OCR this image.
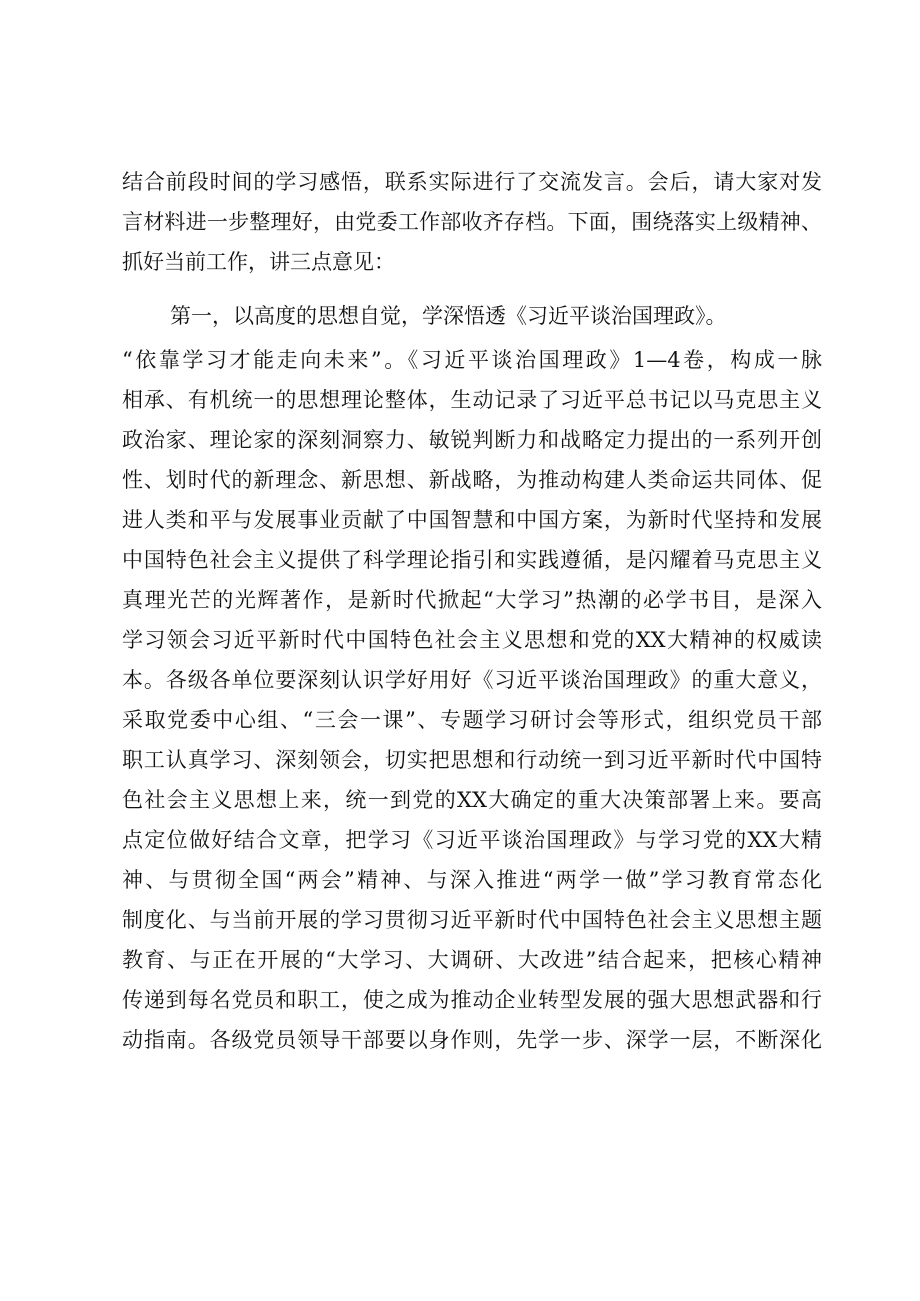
结合前段时间的学习感悟，联系实际进行了交流发言。会后，请大家对发
言材料进一步整理好，由党委工作部收齐存档。下面，围绕落实上级精神、
抓好当前工作，讲三点意见：
第一，以高度的思想自觉，学深悟透《习近平谈治国理政》。
“依靠学习才能走向未来”。《习近平谈治国理政》1—4卷，构成一脉
相承、有机统一的思想理论整体，生动记录了习近平总书记以马克思主义
政治家、理论家的深刻洞察力、敏锐判断力和战略定力提出的一系列开创
性、划时代的新理念、新思想、新战略，为推动构建人类命运共同体、促
进人类和平与发展事业贡献了中国智慧和中国方案，为新时代坚持和发展
中国特色社会主义提供了科学理论指引和实践遵循，是闪耀着马克思主义
真理光芒的光辉著作，是新时代掀起“大学习”热潮的必学书目，是深入
学习领会习近平新时代中国特色社会主义思想和党的XX大精神的权威读
本。各级各单位要深刻认识学好用好《习近平谈治国理政》的重大意义，
采取党委中心组、“三会一课”、专题学习研讨会等形式，组织党员干部
职工认真学习、深刻领会，切实把思想和行动统一到习近平新时代中国特
色社会主义思想上来，统一到党的XX大确定的重大决策部署上来。要高
点定位做好结合文章，把学习《习近平谈治国理政》与学习党的XX大精
神、与贯彻全国“两会”精神、与深入推进“两学一做”学习教育常态化
制度化、与当前开展的学习贯彻习近平新时代中国特色社会主义思想主题
教育、与正在开展的“大学习、大调研、大改进”结合起来，把核心精神
传递到每名党员和职工，使之成为推动企业转型发展的强大思想武器和行
动指南。各级党员领导干部要以身作则，先学一步、深学一层，不断深化
